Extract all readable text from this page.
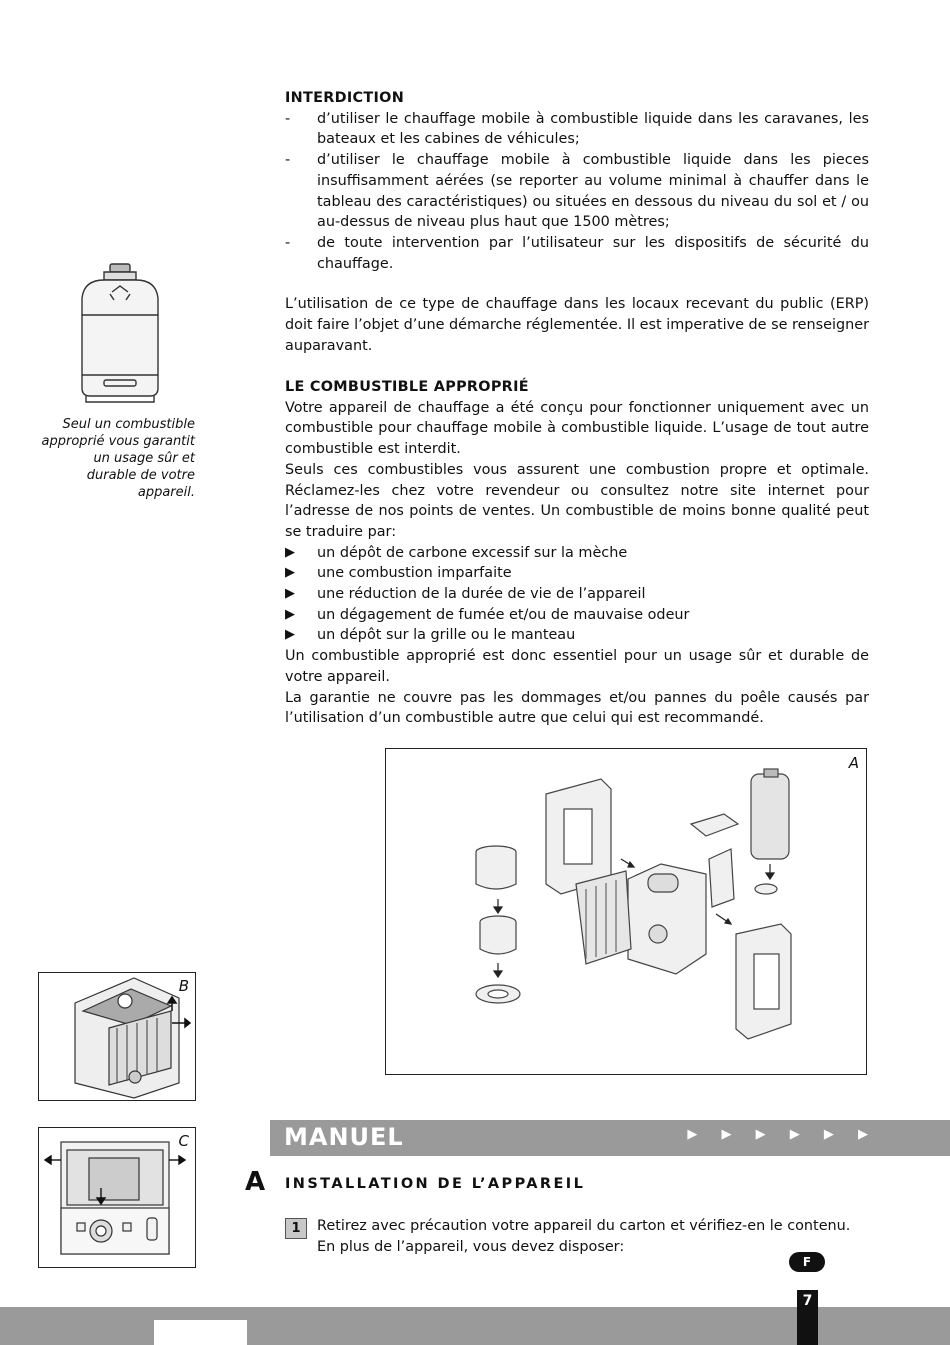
INTERDICTION
- d’utiliser le chauffage mobile à combustible liquide dans les caravanes, les bateaux et les cabines de véhicules;
- d’utiliser le chauffage mobile à combustible liquide dans les pieces insuffisamment aérées (se reporter au volume minimal à chauffer dans le tableau des caractéristiques) ou situées en dessous du niveau du sol et / ou au-dessus de niveau plus haut que 1500 mètres;
- de toute intervention par l’utilisateur sur les dispositifs de sécurité du chauffage.
L’utilisation de ce type de chauffage dans les locaux recevant du public (ERP) doit faire l’objet d’une démarche réglementée. Il est imperative de se renseigner auparavant.
LE COMBUSTIBLE APPROPRIÉ
Votre appareil de chauffage a été conçu pour fonctionner uniquement avec un combustible pour chauffage mobile à combustible liquide. L’usage de tout autre combustible est interdit.
Seuls ces combustibles vous assurent une combustion propre et optimale. Réclamez-les chez votre revendeur ou consultez notre site internet pour l’adresse de nos points de ventes. Un combustible de moins bonne qualité peut se traduire par:
▶ un dépôt de carbone excessif sur la mèche
▶ une combustion imparfaite
▶ une réduction de la durée de vie de l’appareil
▶ un dégagement de fumée et/ou de mauvaise odeur
▶ un dépôt sur la grille ou le manteau
Un combustible approprié est donc essentiel pour un usage sûr et durable de votre appareil.
La garantie ne couvre pas les dommages et/ou pannes du poêle causés par l’utilisation d’un combustible autre que celui qui est recommandé.
Seul un combustible approprié vous garantit un usage sûr et durable de votre appareil.
A
B
C	MANUEL	▶ ▶ ▶ ▶ ▶ ▶
A INSTALLATION DE L’APPAREIL
1	Retirez avec précaution votre appareil du carton et vérifiez-en le contenu.
En plus de l’appareil, vous devez disposer:
F
7
